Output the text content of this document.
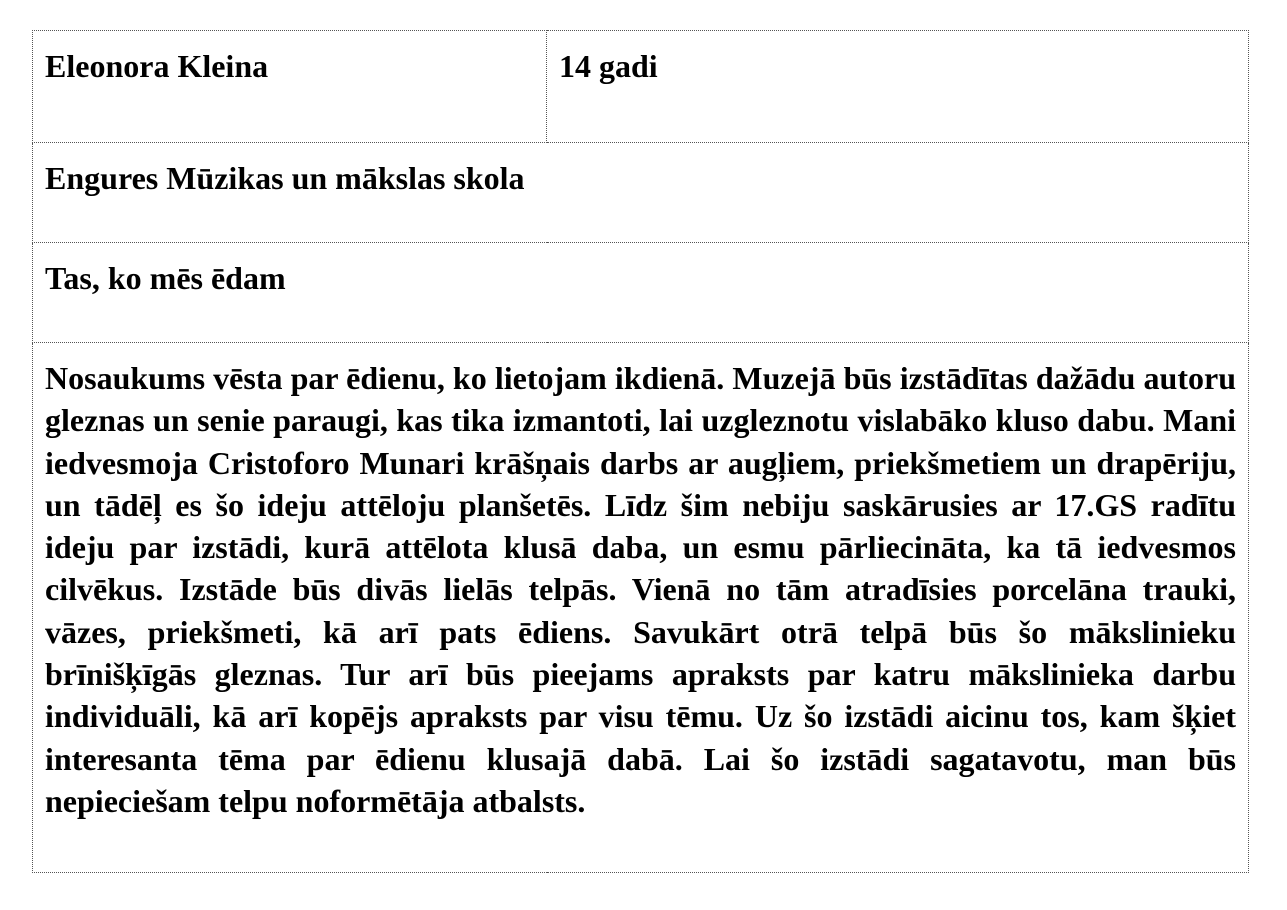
Eleonora Kleina	14 gadi
Engures Mūzikas un mākslas skola
Tas, ko mēs ēdam
Nosaukums vēsta par ēdienu, ko lietojam ikdienā. Muzejā būs izstādītas dažādu autoru gleznas un senie paraugi, kas tika izmantoti, lai uzgleznotu vislabāko kluso dabu. Mani iedvesmoja Cristoforo Munari krāšņais darbs ar augļiem, priekšmetiem un drapēriju, un tādēļ es šo ideju attēloju planšetēs. Līdz šim nebiju saskārusies ar 17.GS radītu ideju par izstādi, kurā attēlota klusā daba, un esmu pārliecināta, ka tā iedvesmos cilvēkus. Izstāde būs divās lielās telpās. Vienā no tām atradīsies porcelāna trauki, vāzes, priekšmeti, kā arī pats ēdiens. Savukārt otrā telpā būs šo mākslinieku brīnišķīgās gleznas. Tur arī būs pieejams apraksts par katru mākslinieka darbu individuāli, kā arī kopējs apraksts par visu tēmu. Uz šo izstādi aicinu tos, kam šķiet interesanta tēma par ēdienu klusajā dabā. Lai šo izstādi sagatavotu, man būs nepieciešam telpu noformētāja atbalsts.
